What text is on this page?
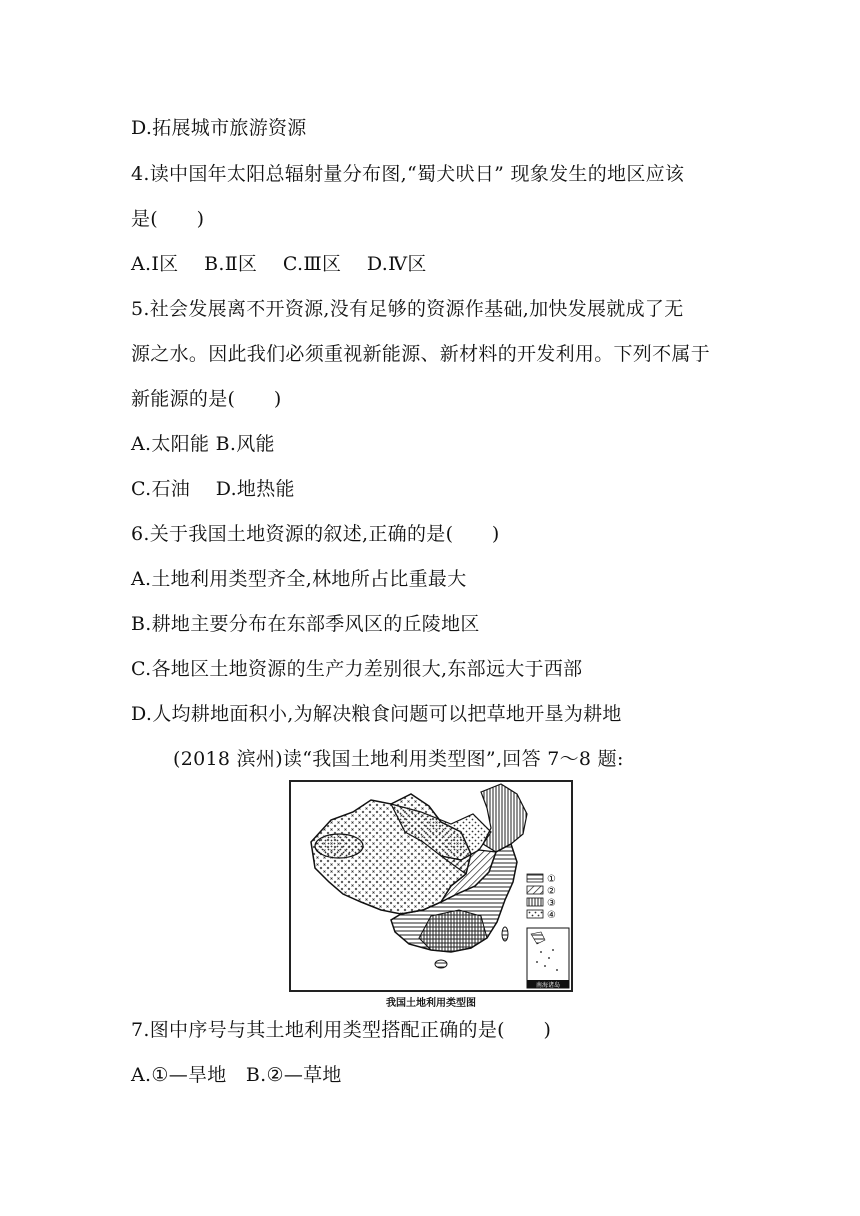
D.拓展城市旅游资源
4.读中国年太阳总辐射量分布图,“蜀犬吠日” 现象发生的地区应该
是(　　)
A.Ⅰ区　 B.Ⅱ区 　C.Ⅲ区　 D.Ⅳ区
5.社会发展离不开资源,没有足够的资源作基础,加快发展就成了无
源之水。因此我们必须重视新能源、新材料的开发利用。下列不属于
新能源的是(　　)
A.太阳能 B.风能
C.石油 　D.地热能
6.关于我国土地资源的叙述,正确的是(　　)
A.土地利用类型齐全,林地所占比重最大
B.耕地主要分布在东部季风区的丘陵地区
C.各地区土地资源的生产力差别很大,东部远大于西部
D.人均耕地面积小,为解决粮食问题可以把草地开垦为耕地
(2018 滨州)读“我国土地利用类型图”,回答 7～8 题:
①
②
③
④
南海诸岛
我国土地利用类型图
7.图中序号与其土地利用类型搭配正确的是(　　)
A.①—旱地　B.②—草地
